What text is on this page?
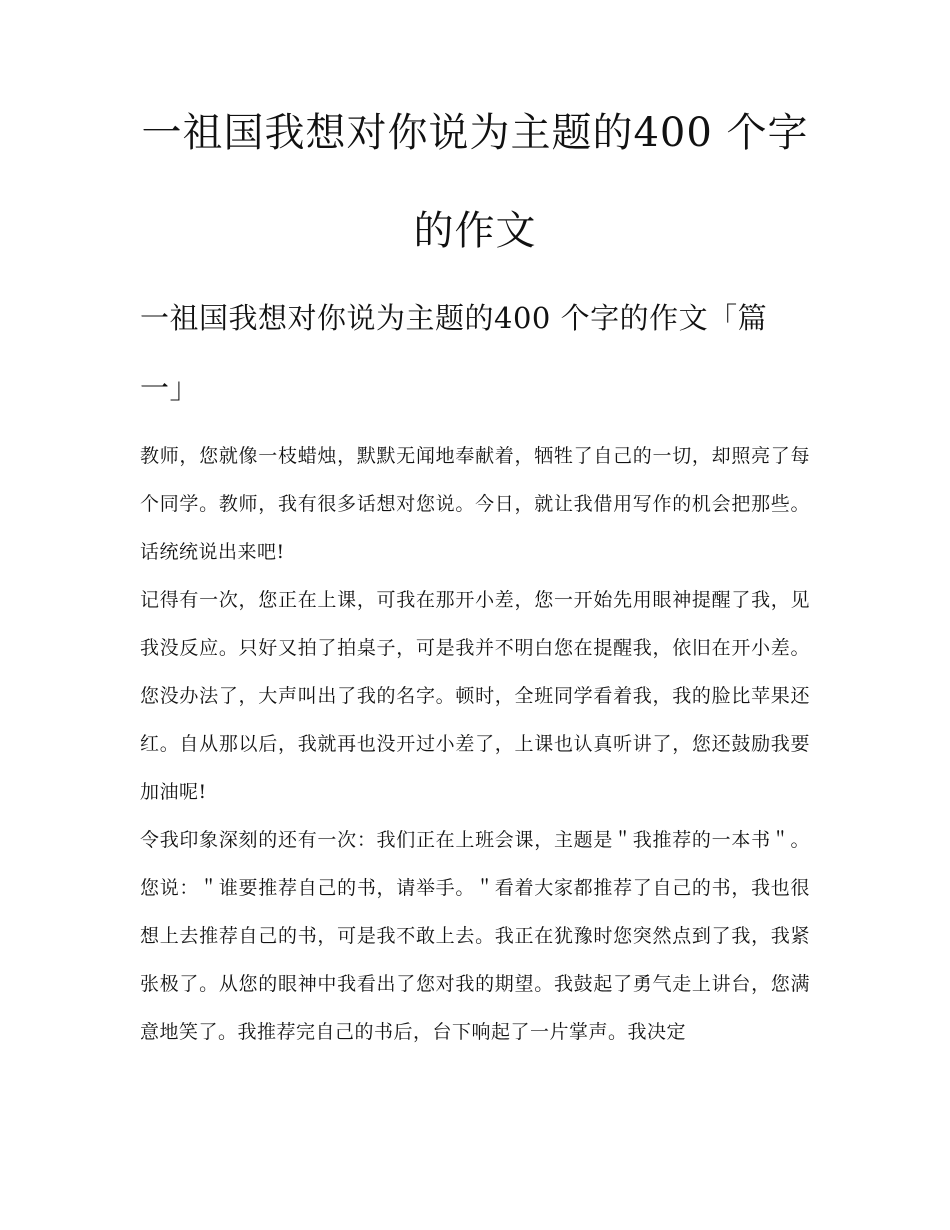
一祖国我想对你说为主题的400 个字的作文
一祖国我想对你说为主题的400 个字的作文「篇一」

教师，您就像一枝蜡烛，默默无闻地奉献着，牺牲了自己的一切，却照亮了每个同学。教师，我有很多话想对您说。今日，就让我借用写作的机会把那些。话统统说出来吧!

记得有一次，您正在上课，可我在那开小差，您一开始先用眼神提醒了我，见我没反应。只好又拍了拍桌子，可是我并不明白您在提醒我，依旧在开小差。您没办法了，大声叫出了我的名字。顿时，全班同学看着我，我的脸比苹果还红。自从那以后，我就再也没开过小差了，上课也认真听讲了，您还鼓励我要加油呢!

令我印象深刻的还有一次：我们正在上班会课，主题是＂我推荐的一本书＂。您说：＂谁要推荐自己的书，请举手。＂看着大家都推荐了自己的书，我也很想上去推荐自己的书，可是我不敢上去。我正在犹豫时您突然点到了我，我紧张极了。从您的眼神中我看出了您对我的期望。我鼓起了勇气走上讲台，您满意地笑了。我推荐完自己的书后，台下响起了一片掌声。我决定
